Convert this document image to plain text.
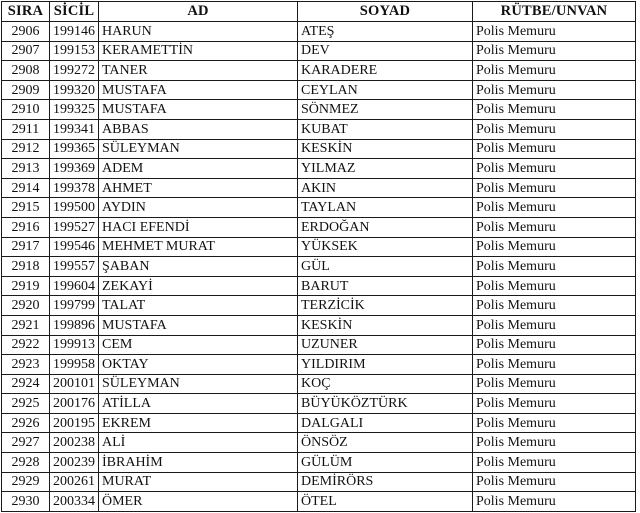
SIRA	SİCİL	AD	SOYAD	RÜTBE/UNVAN
2906	199146	HARUN	ATEŞ	Polis Memuru
2907	199153	KERAMETTİN	DEV	Polis Memuru
2908	199272	TANER	KARADERE	Polis Memuru
2909	199320	MUSTAFA	CEYLAN	Polis Memuru
2910	199325	MUSTAFA	SÖNMEZ	Polis Memuru
2911	199341	ABBAS	KUBAT	Polis Memuru
2912	199365	SÜLEYMAN	KESKİN	Polis Memuru
2913	199369	ADEM	YILMAZ	Polis Memuru
2914	199378	AHMET	AKIN	Polis Memuru
2915	199500	AYDIN	TAYLAN	Polis Memuru
2916	199527	HACI EFENDİ	ERDOĞAN	Polis Memuru
2917	199546	MEHMET MURAT	YÜKSEK	Polis Memuru
2918	199557	ŞABAN	GÜL	Polis Memuru
2919	199604	ZEKAYİ	BARUT	Polis Memuru
2920	199799	TALAT	TERZİCİK	Polis Memuru
2921	199896	MUSTAFA	KESKİN	Polis Memuru
2922	199913	CEM	UZUNER	Polis Memuru
2923	199958	OKTAY	YILDIRIM	Polis Memuru
2924	200101	SÜLEYMAN	KOÇ	Polis Memuru
2925	200176	ATİLLA	BÜYÜKÖZTÜRK	Polis Memuru
2926	200195	EKREM	DALGALI	Polis Memuru
2927	200238	ALİ	ÖNSÖZ	Polis Memuru
2928	200239	İBRAHİM	GÜLÜM	Polis Memuru
2929	200261	MURAT	DEMİRÖRS	Polis Memuru
2930	200334	ÖMER	ÖTEL	Polis Memuru
